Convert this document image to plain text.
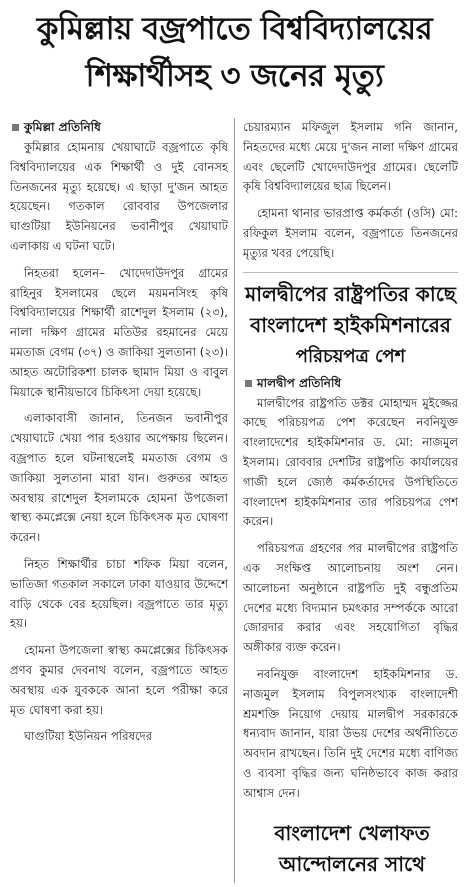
কুমিল্লায় বজ্রপাতে বিশ্ববিদ্যালয়ের
শিক্ষার্থীসহ ৩ জনের মৃত্যু
কুমিল্লা প্রতিনিধি

কুমিল্লার হোমনায় খেয়াঘাটে বজ্রপাতে কৃষি বিশ্ববিদ্যালয়ের এক শিক্ষার্থী ও দুই বোনসহ তিনজনের মৃত্যু হয়েছে। এ ছাড়া দু'জন আহত হয়েছেন। গতকাল রোববার উপজেলার ঘাগুটিয়া ইউনিয়নের ভবানীপুর খেয়াঘাট এলাকায় এ ঘটনা ঘটে।

নিহতরা হলেন– খোদেদাউদপুর গ্রামের রাহিনুর ইসলামের ছেলে ময়মনসিংহ কৃষি বিশ্ববিদ্যালয়ের শিক্ষার্থী রাশেদুল ইসলাম (২৩), নালা দক্ষিণ গ্রামের মতিউর রহমানের মেয়ে মমতাজ বেগম (৩৭) ও জাকিয়া সুলতানা (২৩)। আহত অটোরিকশা চালক ছামাদ মিয়া ও বাবুল মিয়াকে স্থানীয়ভাবে চিকিৎসা দেয়া হয়েছে।

এলাকাবাসী জানান, তিনজন ভবানীপুর খেয়াঘাটে খেয়া পার হওয়ার অপেক্ষায় ছিলেন। বজ্রপাত হলে ঘটনাস্থলেই মমতাজ বেগম ও জাকিয়া সুলতানা মারা যান। গুরুতর আহত অবস্থায় রাশেদুল ইসলামকে হোমনা উপজেলা স্বাস্থ্য কমপ্লেক্সে নেয়া হলে চিকিৎসক মৃত ঘোষণা করেন।

নিহত শিক্ষার্থীর চাচা শফিক মিয়া বলেন, ভাতিজা গতকাল সকালে ঢাকা যাওয়ার উদ্দেশে বাড়ি থেকে বের হয়েছিল। বজ্রপাতে তার মৃত্যু হয়।

হোমনা উপজেলা স্বাস্থ্য কমপ্লেক্সের চিকিৎসক প্রণব কুমার দেবনাথ বলেন, বজ্রপাতে আহত অবস্থায় এক যুবককে আনা হলে পরীক্ষা করে মৃত ঘোষণা করা হয়।

ঘাগুটিয়া ইউনিয়ন পরিষদের

চেয়ারম্যান মফিজুল ইসলাম গনি জানান, নিহতদের মধ্যে মেয়ে দু'জন নালা দক্ষিণ গ্রামের এবং ছেলেটি খোদেদাউদপুর গ্রামের। ছেলেটি কৃষি বিশ্ববিদ্যালয়ের ছাত্র ছিলেন।

হোমনা থানার ভারপ্রাপ্ত কর্মকর্তা (ওসি) মো: রফিকুল ইসলাম বলেন, বজ্রপাতে তিনজনের মৃত্যুর খবর পেয়েছি।

মালদ্বীপের রাষ্ট্রপতির কাছে
বাংলাদেশ হাইকমিশনারের
পরিচয়পত্র পেশ
মালদ্বীপ প্রতিনিধি

মালদ্বীপের রাষ্ট্রপতি ডক্টর মোহাম্মদ মুইজ্জের কাছে পরিচয়পত্র পেশ করেছেন নবনিযুক্ত বাংলাদেশের হাইকমিশনার ড. মো: নাজমুল ইসলাম। রোববার দেশটির রাষ্ট্রপতি কার্যালয়ের গাজী হলে জ্যেষ্ঠ কর্মকর্তাদের উপস্থিতিতে বাংলাদেশ হাইকমিশনার তার পরিচয়পত্র পেশ করেন।

পরিচয়পত্র গ্রহণের পর মালদ্বীপের রাষ্ট্রপতি এক সংক্ষিপ্ত আলোচনায় অংশ নেন। আলোচনা অনুষ্ঠানে রাষ্ট্রপতি দুই বন্ধুপ্রতিম দেশের মধ্যে বিদ্যমান চমৎকার সম্পর্ককে আরো জোরদার করার এবং সহযোগিতা বৃদ্ধির অঙ্গীকার ব্যক্ত করেন।

নবনিযুক্ত বাংলাদেশ হাইকমিশনার ড. নাজমুল ইসলাম বিপুলসংখ্যক বাংলাদেশী শ্রমশক্তি নিয়োগ দেয়ায় মালদ্বীপ সরকারকে ধন্যবাদ জানান, যারা উভয় দেশের অর্থনীতিতে অবদান রাখছেন। তিনি দুই দেশের মধ্যে বাণিজ্য ও ব্যবসা বৃদ্ধির জন্য ঘনিষ্ঠভাবে কাজ করার আশ্বাস দেন।

বাংলাদেশ খেলাফত
আন্দোলনের সাথে
